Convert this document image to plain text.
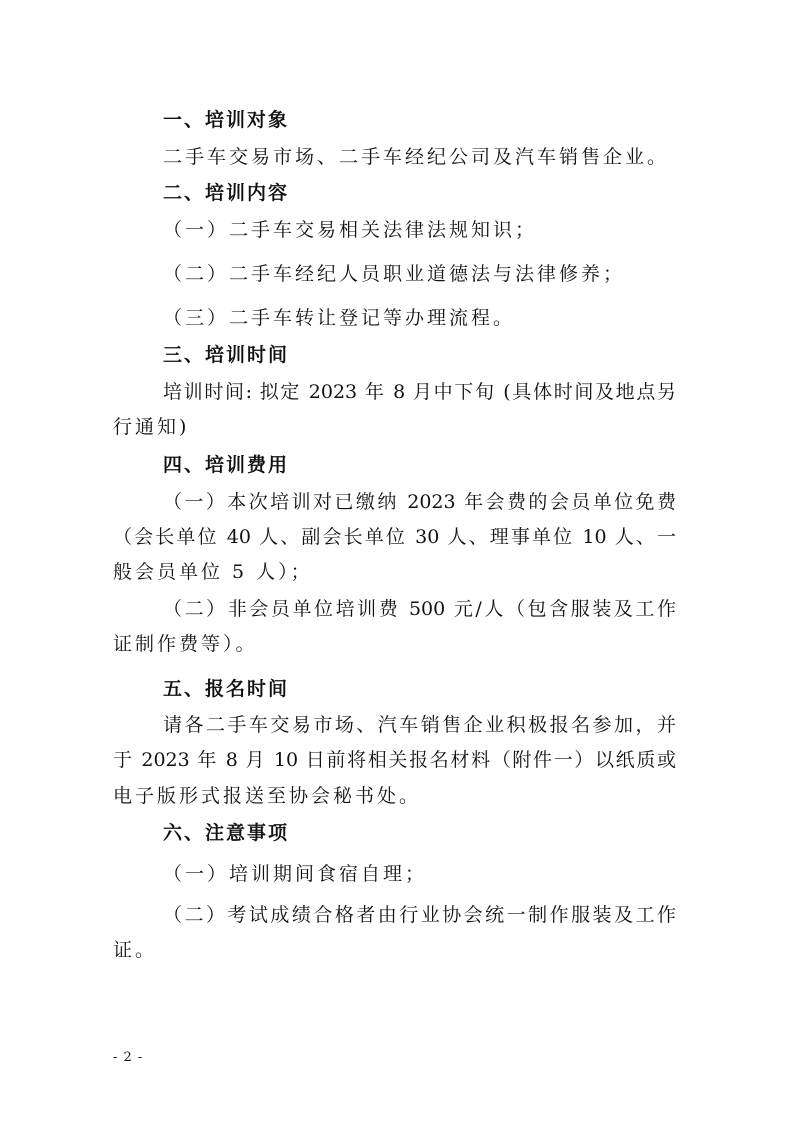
一、培训对象
二手车交易市场、二手车经纪公司及汽车销售企业。
二、培训内容
（一）二手车交易相关法律法规知识；
（二）二手车经纪人员职业道德法与法律修养；
（三）二手车转让登记等办理流程。
三、培训时间
培训时间: 拟定 2023 年 8 月中下旬 (具体时间及地点另
行通知)
四、培训费用
（一）本次培训对已缴纳 2023 年会费的会员单位免费
（会长单位 40 人、副会长单位 30 人、理事单位 10 人、一
般会员单位 5 人）；
（二）非会员单位培训费 500 元/人（包含服装及工作
证制作费等）。
五、报名时间
请各二手车交易市场、汽车销售企业积极报名参加，并
于 2023 年 8 月 10 日前将相关报名材料（附件一）以纸质或
电子版形式报送至协会秘书处。
六、注意事项
（一）培训期间食宿自理；
（二）考试成绩合格者由行业协会统一制作服装及工作
证。
- 2 -
